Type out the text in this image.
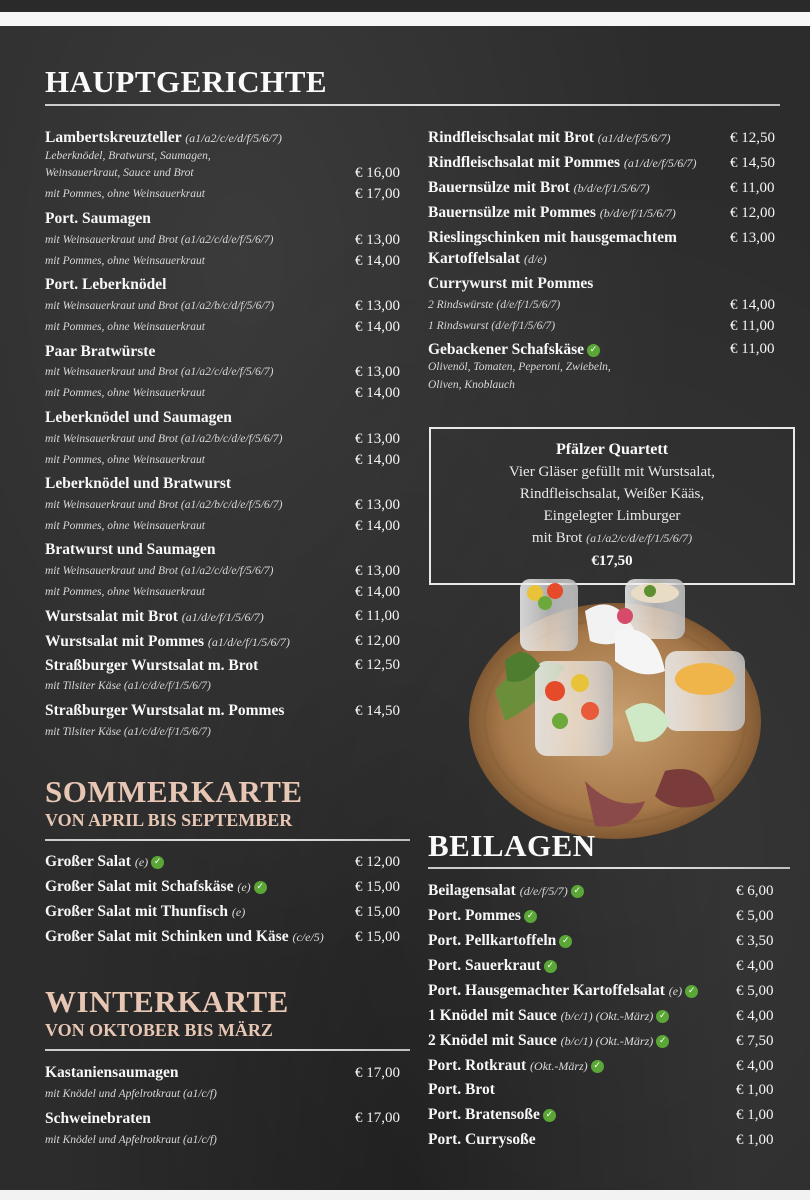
HAUPTGERICHTE
Lambertskreuzteller (a1/a2/c/e/d/f/5/6/7)
Leberknödel, Bratwurst, Saumagen,
Weinsauerkraut, Sauce und Brot	€ 16,00
mit Pommes, ohne Weinsauerkraut	€ 17,00
Port. Saumagen
mit Weinsauerkraut und Brot (a1/a2/c/d/e/f/5/6/7)	€ 13,00
mit Pommes, ohne Weinsauerkraut	€ 14,00
Port. Leberknödel
mit Weinsauerkraut und Brot (a1/a2/b/c/d/f/5/6/7)	€ 13,00
mit Pommes, ohne Weinsauerkraut	€ 14,00
Paar Bratwürste
mit Weinsauerkraut und Brot (a1/a2/c/d/e/f/5/6/7)	€ 13,00
mit Pommes, ohne Weinsauerkraut	€ 14,00
Leberknödel und Saumagen
mit Weinsauerkraut und Brot (a1/a2/b/c/d/e/f/5/6/7)	€ 13,00
mit Pommes, ohne Weinsauerkraut	€ 14,00
Leberknödel und Bratwurst
mit Weinsauerkraut und Brot (a1/a2/b/c/d/e/f/5/6/7)	€ 13,00
mit Pommes, ohne Weinsauerkraut	€ 14,00
Bratwurst und Saumagen
mit Weinsauerkraut und Brot (a1/a2/c/d/e/f/5/6/7)	€ 13,00
mit Pommes, ohne Weinsauerkraut	€ 14,00
Wurstsalat mit Brot (a1/d/e/f/1/5/6/7)	€ 11,00
Wurstsalat mit Pommes (a1/d/e/f/1/5/6/7)	€ 12,00
Straßburger Wurstsalat m. Brot	€ 12,50
mit Tilsiter Käse (a1/c/d/e/f/1/5/6/7)
Straßburger Wurstsalat m. Pommes	€ 14,50
mit Tilsiter Käse (a1/c/d/e/f/1/5/6/7)
Rindfleischsalat mit Brot (a1/d/e/f/5/6/7)	€ 12,50
Rindfleischsalat mit Pommes (a1/d/e/f/5/6/7) € 14,50
Bauernsülze mit Brot (b/d/e/f/1/5/6/7)	€ 11,00
Bauernsülze mit Pommes (b/d/e/f/1/5/6/7)	€ 12,00
Rieslingschinken mit hausgemachtem	€ 13,00
Kartoffelsalat (d/e)
Currywurst mit Pommes
2 Rindswürste (d/e/f/1/5/6/7)	€ 14,00
1 Rindswurst (d/e/f/1/5/6/7)	€ 11,00
Gebackener Schafskäse ✓	€ 11,00
Olivenöl, Tomaten, Peperoni, Zwiebeln,
Oliven, Knoblauch
Pfälzer Quartett
Vier Gläser gefüllt mit Wurstsalat,
Rindfleischsalat, Weißer Kääs,
Eingelegter Limburger
mit Brot (a1/a2/c/d/e/f/1/5/6/7)
€17,50
SOMMERKARTE
VON APRIL BIS SEPTEMBER
Großer Salat (e) ✓	€ 12,00
Großer Salat mit Schafskäse (e) ✓	€ 15,00
Großer Salat mit Thunfisch (e)	€ 15,00
Großer Salat mit Schinken und Käse (c/e/5) € 15,00
WINTERKARTE
VON OKTOBER BIS MÄRZ
Kastaniensaumagen	€ 17,00
mit Knödel und Apfelrotkraut (a1/c/f)
Schweinebraten	€ 17,00
mit Knödel und Apfelrotkraut (a1/c/f)
BEILAGEN
Beilagensalat (d/e/f/5/7) ✓	€ 6,00
Port. Pommes ✓	€ 5,00
Port. Pellkartoffeln ✓	€ 3,50
Port. Sauerkraut ✓	€ 4,00
Port. Hausgemachter Kartoffelsalat (e) ✓	€ 5,00
1 Knödel mit Sauce (b/c/1) (Okt.-März) ✓	€ 4,00
2 Knödel mit Sauce (b/c/1) (Okt.-März) ✓	€ 7,50
Port. Rotkraut (Okt.-März) ✓	€ 4,00
Port. Brot	€ 1,00
Port. Bratensoße ✓	€ 1,00
Port. Currysoße	€ 1,00
